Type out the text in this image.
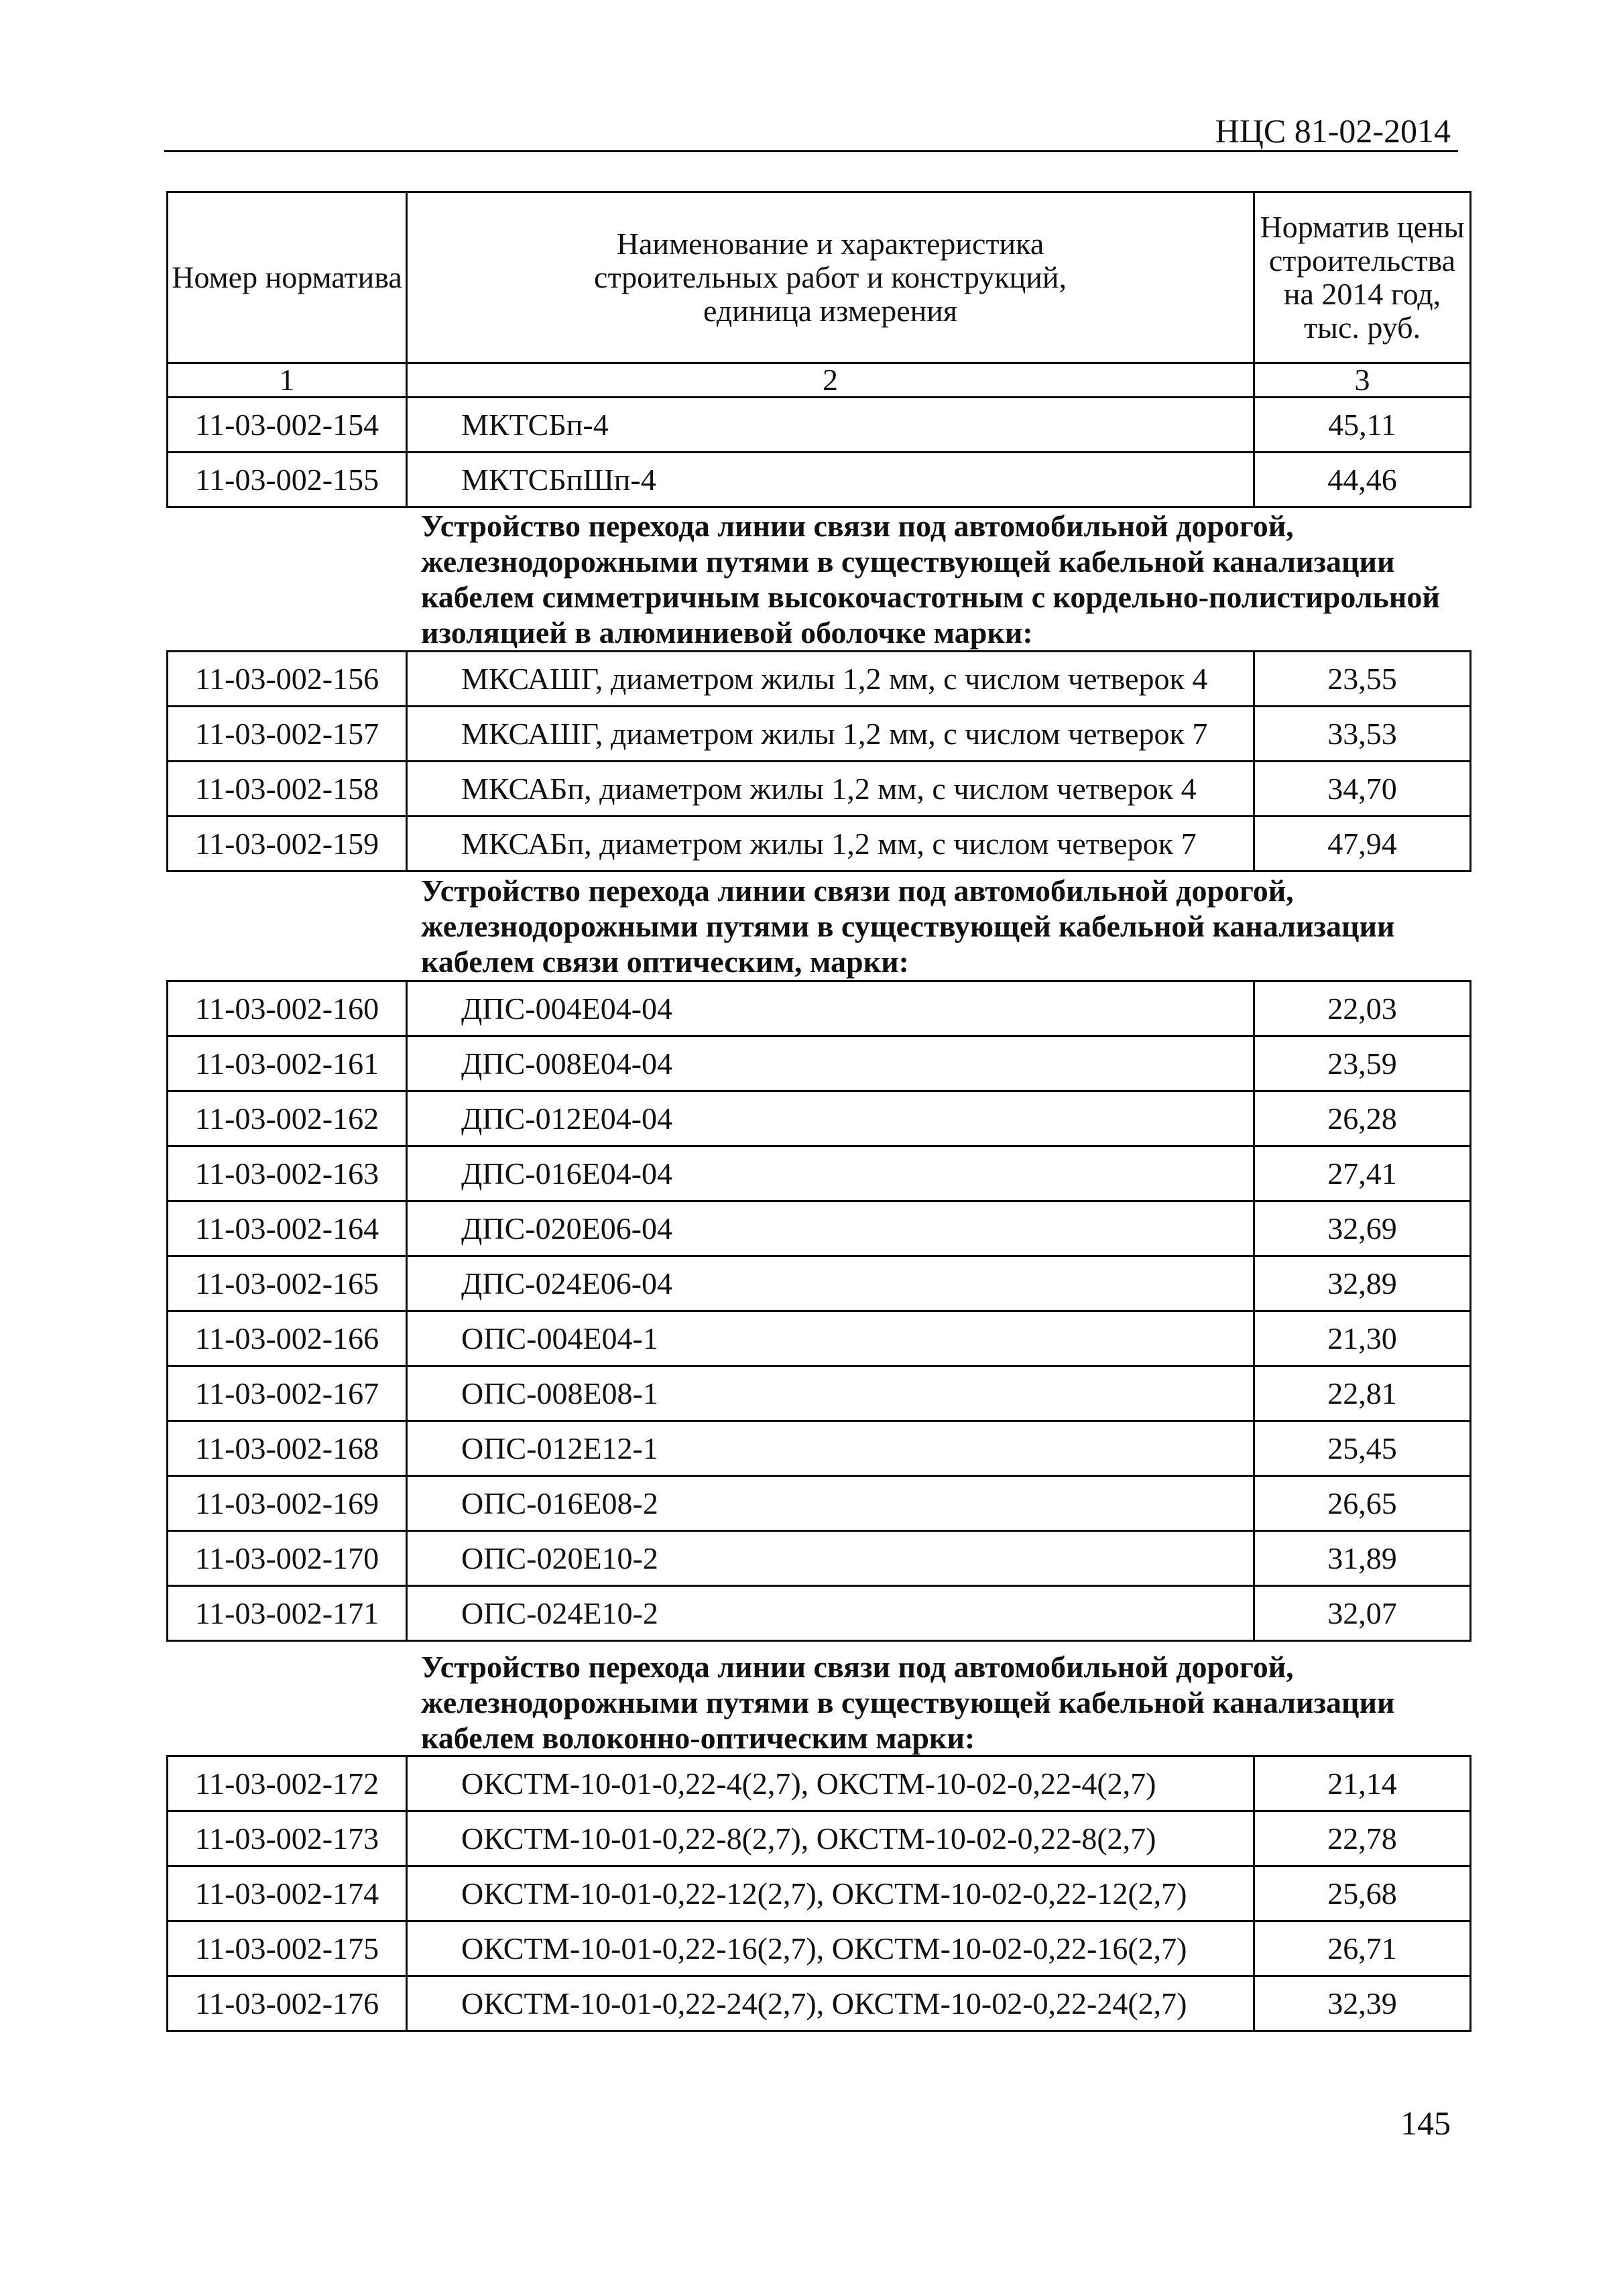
НЦС 81-02-2014
Номер норматива	Наименование и характеристика строительных работ и конструкций, единица измерения	Норматив цены строительства на 2014 год, тыс. руб.
1	2	3
11-03-002-154	МКТСБп-4	45,11
11-03-002-155	МКТСБпШп-4	44,46
Устройство перехода линии связи под автомобильной дорогой, железнодорожными путями в существующей кабельной канализации кабелем симметричным высокочастотным с кордельно-полистирольной изоляцией в алюминиевой оболочке марки:
11-03-002-156	МКСАШГ, диаметром жилы 1,2 мм, с числом четверок 4	23,55
11-03-002-157	МКСАШГ, диаметром жилы 1,2 мм, с числом четверок 7	33,53
11-03-002-158	МКСАБп, диаметром жилы 1,2 мм, с числом четверок 4	34,70
11-03-002-159	МКСАБп, диаметром жилы 1,2 мм, с числом четверок 7	47,94
Устройство перехода линии связи под автомобильной дорогой, железнодорожными путями в существующей кабельной канализации кабелем связи оптическим, марки:
11-03-002-160	ДПС-004Е04-04	22,03
11-03-002-161	ДПС-008Е04-04	23,59
11-03-002-162	ДПС-012Е04-04	26,28
11-03-002-163	ДПС-016Е04-04	27,41
11-03-002-164	ДПС-020Е06-04	32,69
11-03-002-165	ДПС-024Е06-04	32,89
11-03-002-166	ОПС-004Е04-1	21,30
11-03-002-167	ОПС-008Е08-1	22,81
11-03-002-168	ОПС-012Е12-1	25,45
11-03-002-169	ОПС-016Е08-2	26,65
11-03-002-170	ОПС-020Е10-2	31,89
11-03-002-171	ОПС-024Е10-2	32,07
Устройство перехода линии связи под автомобильной дорогой, железнодорожными путями в существующей кабельной канализации кабелем волоконно-оптическим марки:
11-03-002-172	ОКСТМ-10-01-0,22-4(2,7), ОКСТМ-10-02-0,22-4(2,7)	21,14
11-03-002-173	ОКСТМ-10-01-0,22-8(2,7), ОКСТМ-10-02-0,22-8(2,7)	22,78
11-03-002-174	ОКСТМ-10-01-0,22-12(2,7), ОКСТМ-10-02-0,22-12(2,7)	25,68
11-03-002-175	ОКСТМ-10-01-0,22-16(2,7), ОКСТМ-10-02-0,22-16(2,7)	26,71
11-03-002-176	ОКСТМ-10-01-0,22-24(2,7), ОКСТМ-10-02-0,22-24(2,7)	32,39
145
